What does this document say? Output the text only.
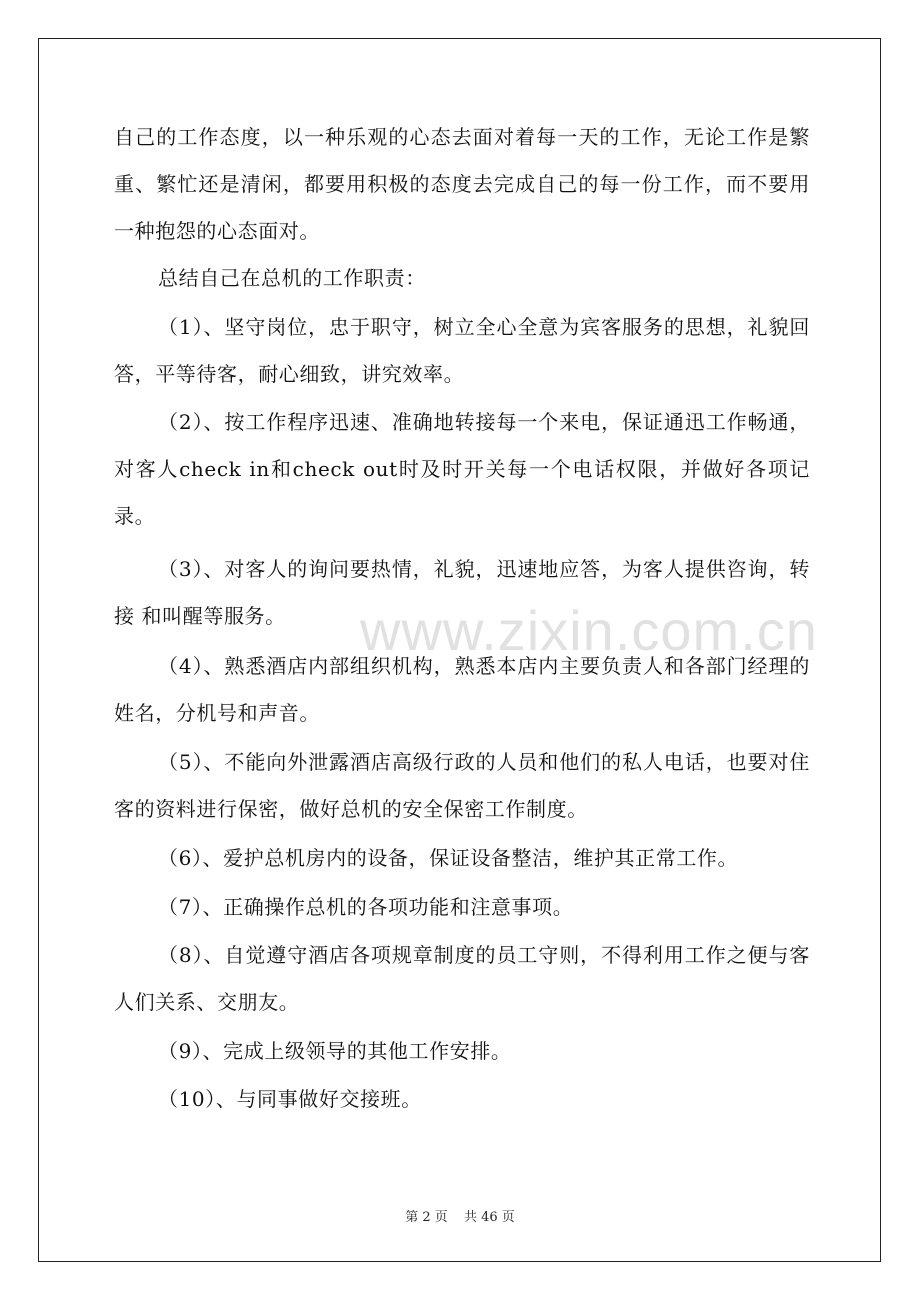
自己的工作态度，以一种乐观的心态去面对着每一天的工作，无论工作是繁重、繁忙还是清闲，都要用积极的态度去完成自己的每一份工作，而不要用一种抱怨的心态面对。

总结自己在总机的工作职责：

（1）、坚守岗位，忠于职守，树立全心全意为宾客服务的思想，礼貌回答，平等待客，耐心细致，讲究效率。

（2）、按工作程序迅速、准确地转接每一个来电，保证通迅工作畅通，对客人check in和check out时及时开关每一个电话权限，并做好各项记录。

（3）、对客人的询问要热情，礼貌，迅速地应答，为客人提供咨询，转接 和叫醒等服务。

（4）、熟悉酒店内部组织机构，熟悉本店内主要负责人和各部门经理的姓名，分机号和声音。

（5）、不能向外泄露酒店高级行政的人员和他们的私人电话，也要对住客的资料进行保密，做好总机的安全保密工作制度。

（6）、爱护总机房内的设备，保证设备整洁，维护其正常工作。

（7）、正确操作总机的各项功能和注意事项。

（8）、自觉遵守酒店各项规章制度的员工守则，不得利用工作之便与客人们关系、交朋友。

（9）、完成上级领导的其他工作安排。

（10）、与同事做好交接班。

www.zixin.com.cn
第 2 页 共 46 页
